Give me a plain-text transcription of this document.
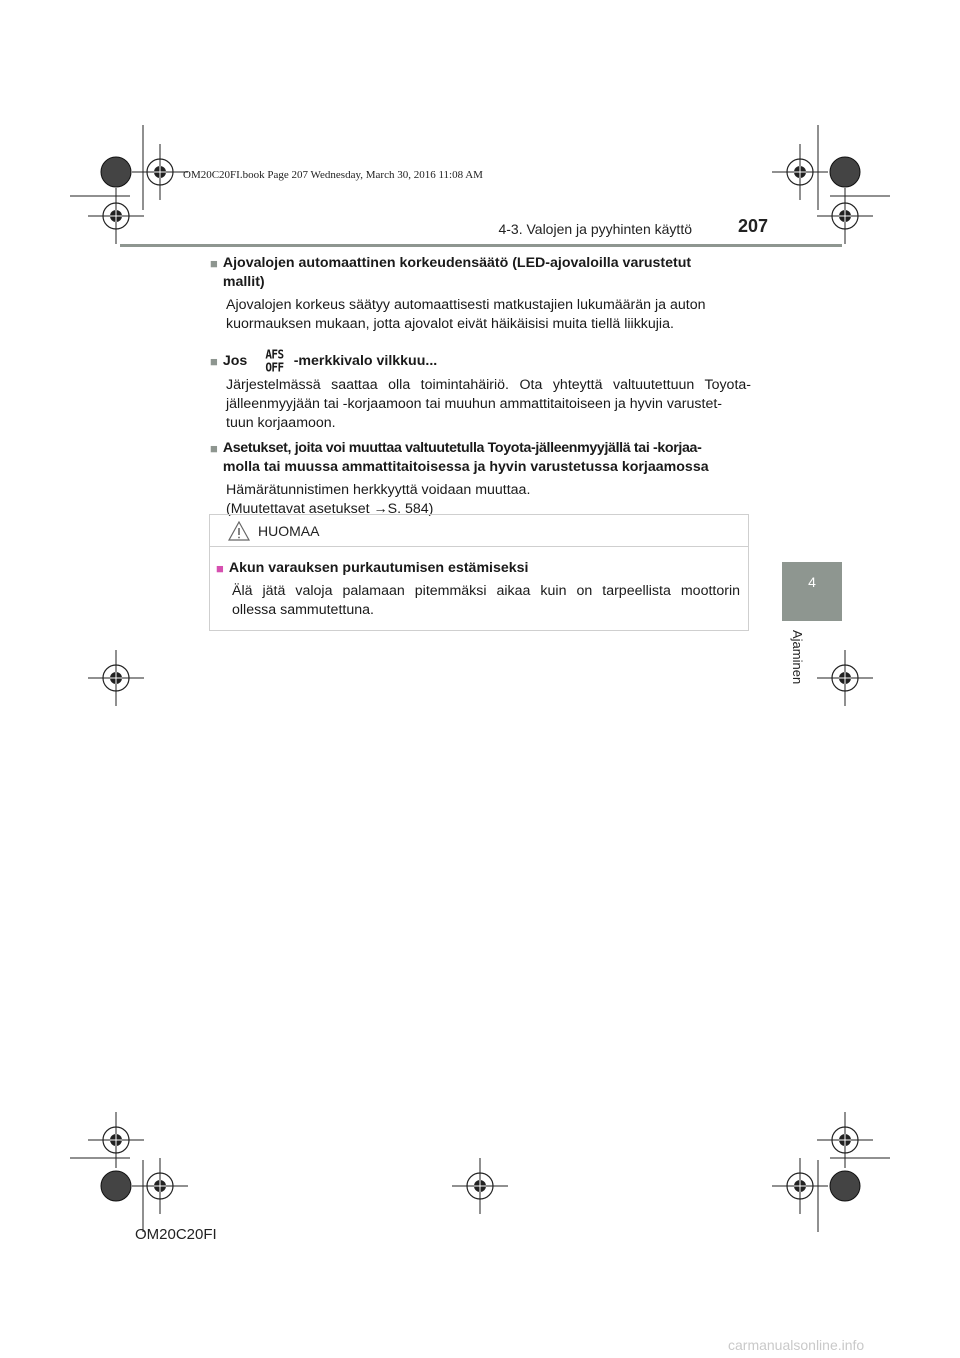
OM20C20FI.book Page 207 Wednesday, March 30, 2016 11:08 AM
4-3. Valojen ja pyyhinten käyttö	207
4
Ajaminen
■ Ajovalojen automaattinen korkeudensäätö (LED-ajovaloilla varustetut
mallit)
Ajovalojen korkeus säätyy automaattisesti matkustajien lukumäärän ja auton
kuormauksen mukaan, jotta ajovalot eivät häikäisisi muita tiellä liikkujia.
■ Jos AFS
OFF -merkkivalo vilkkuu...
Järjestelmässä saattaa olla toimintahäiriö. Ota yhteyttä valtuutettuun Toyota-
jälleenmyyjään tai -korjaamoon tai muuhun ammattitaitoiseen ja hyvin varustet-
tuun korjaamoon.
■ Asetukset, joita voi muuttaa valtuutetulla Toyota-jälleenmyyjällä tai -korjaa-
molla tai muussa ammattitaitoisessa ja hyvin varustetussa korjaamossa
Hämärätunnistimen herkkyyttä voidaan muuttaa.
(Muutettavat asetukset →S. 584)
HUOMAA
■ Akun varauksen purkautumisen estämiseksi
Älä jätä valoja palamaan pitemmäksi aikaa kuin on tarpeellista moottorin
ollessa sammutettuna.
OM20C20FI
carmanualsonline.info
